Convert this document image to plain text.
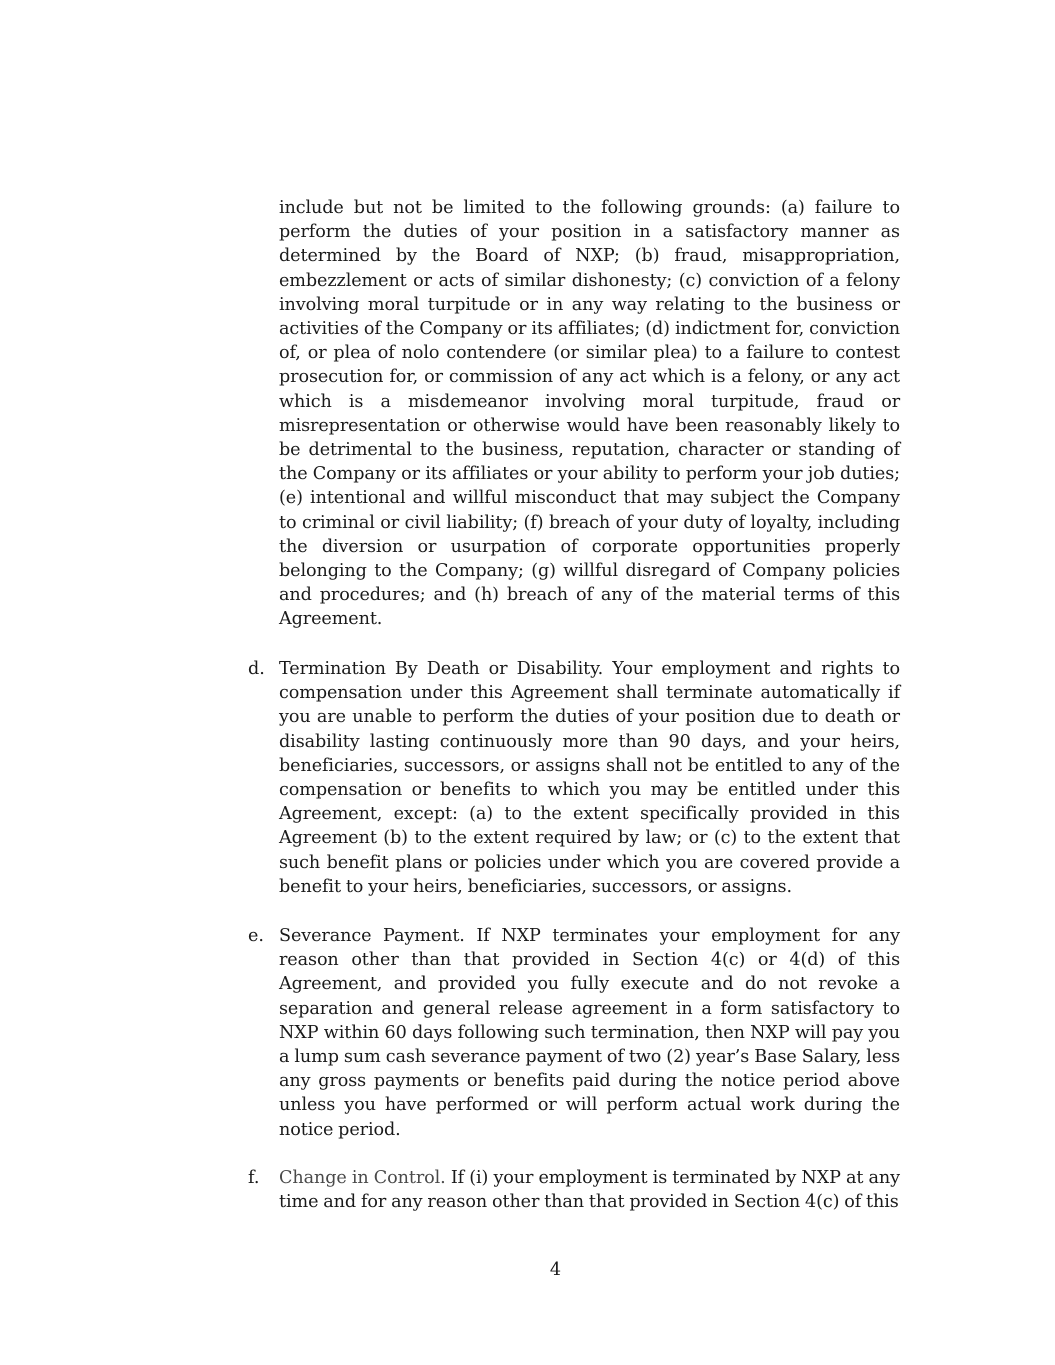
include but not be limited to the following grounds: (a) failure to perform the duties of your position in a satisfactory manner as determined by the Board of NXP; (b) fraud, misappropriation, embezzlement or acts of similar dishonesty; (c) conviction of a felony involving moral turpitude or in any way relating to the business or activities of the Company or its affiliates; (d) indictment for, conviction of, or plea of nolo contendere (or similar plea) to a failure to contest prosecution for, or commission of any act which is a felony, or any act which is a misdemeanor involving moral turpitude, fraud or misrepresentation or otherwise would have been reasonably likely to be detrimental to the business, reputation, character or standing of the Company or its affiliates or your ability to perform your job duties; (e) intentional and willful misconduct that may subject the Company to criminal or civil liability; (f) breach of your duty of loyalty, including the diversion or usurpation of corporate opportunities properly belonging to the Company; (g) willful disregard of Company policies and procedures; and (h) breach of any of the material terms of this Agreement.
d. Termination By Death or Disability. Your employment and rights to compensation under this Agreement shall terminate automatically if you are unable to perform the duties of your position due to death or disability lasting continuously more than 90 days, and your heirs, beneficiaries, successors, or assigns shall not be entitled to any of the compensation or benefits to which you may be entitled under this Agreement, except: (a) to the extent specifically provided in this Agreement (b) to the extent required by law; or (c) to the extent that such benefit plans or policies under which you are covered provide a benefit to your heirs, beneficiaries, successors, or assigns.
e. Severance Payment. If NXP terminates your employment for any reason other than that provided in Section 4(c) or 4(d) of this Agreement, and provided you fully execute and do not revoke a separation and general release agreement in a form satisfactory to NXP within 60 days following such termination, then NXP will pay you a lump sum cash severance payment of two (2) year’s Base Salary, less any gross payments or benefits paid during the notice period above unless you have performed or will perform actual work during the notice period.
f. Change in Control. If (i) your employment is terminated by NXP at any time and for any reason other than that provided in Section 4(c) of this
4
